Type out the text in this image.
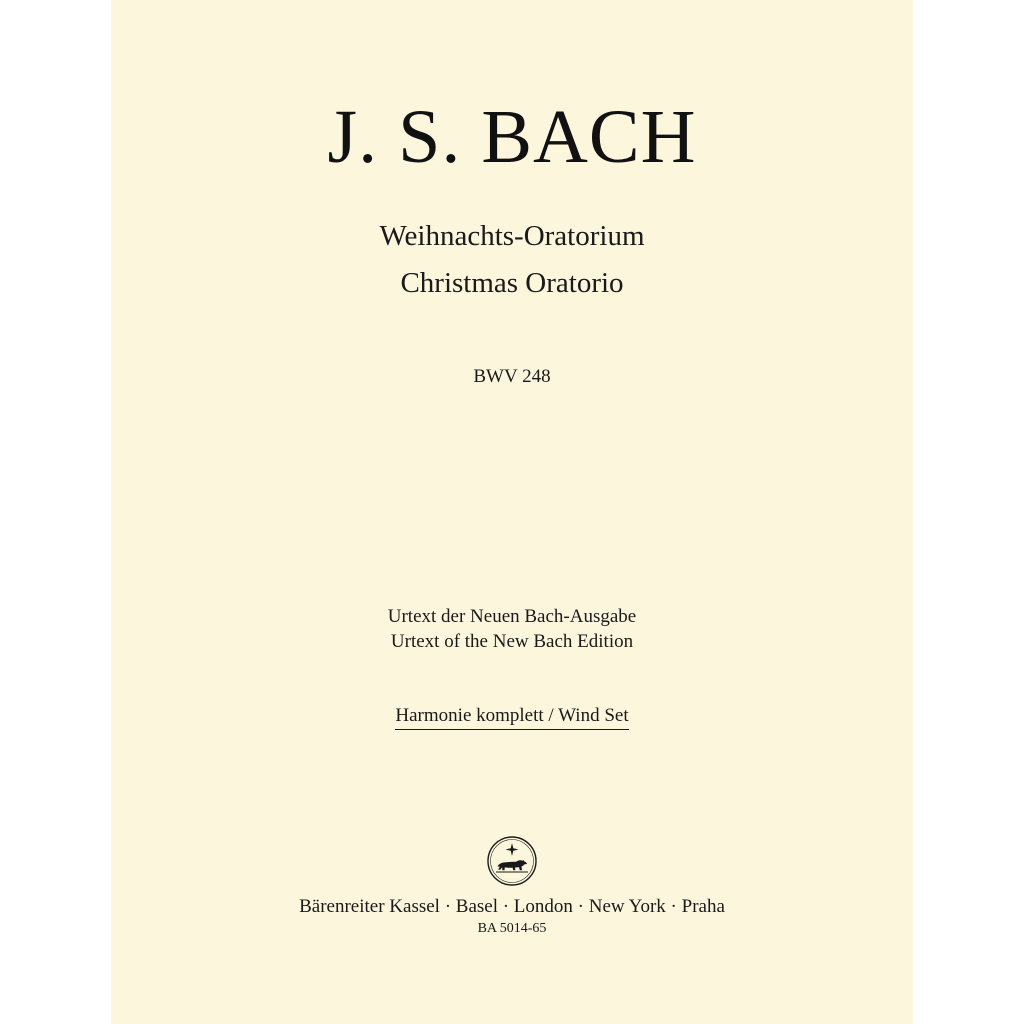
J. S. BACH
Weihnachts-Oratorium
Christmas Oratorio
BWV 248
Urtext der Neuen Bach-Ausgabe
Urtext of the New Bach Edition
Harmonie komplett / Wind Set
Bärenreiter Kassel · Basel · London · New York · Praha
BA 5014-65
